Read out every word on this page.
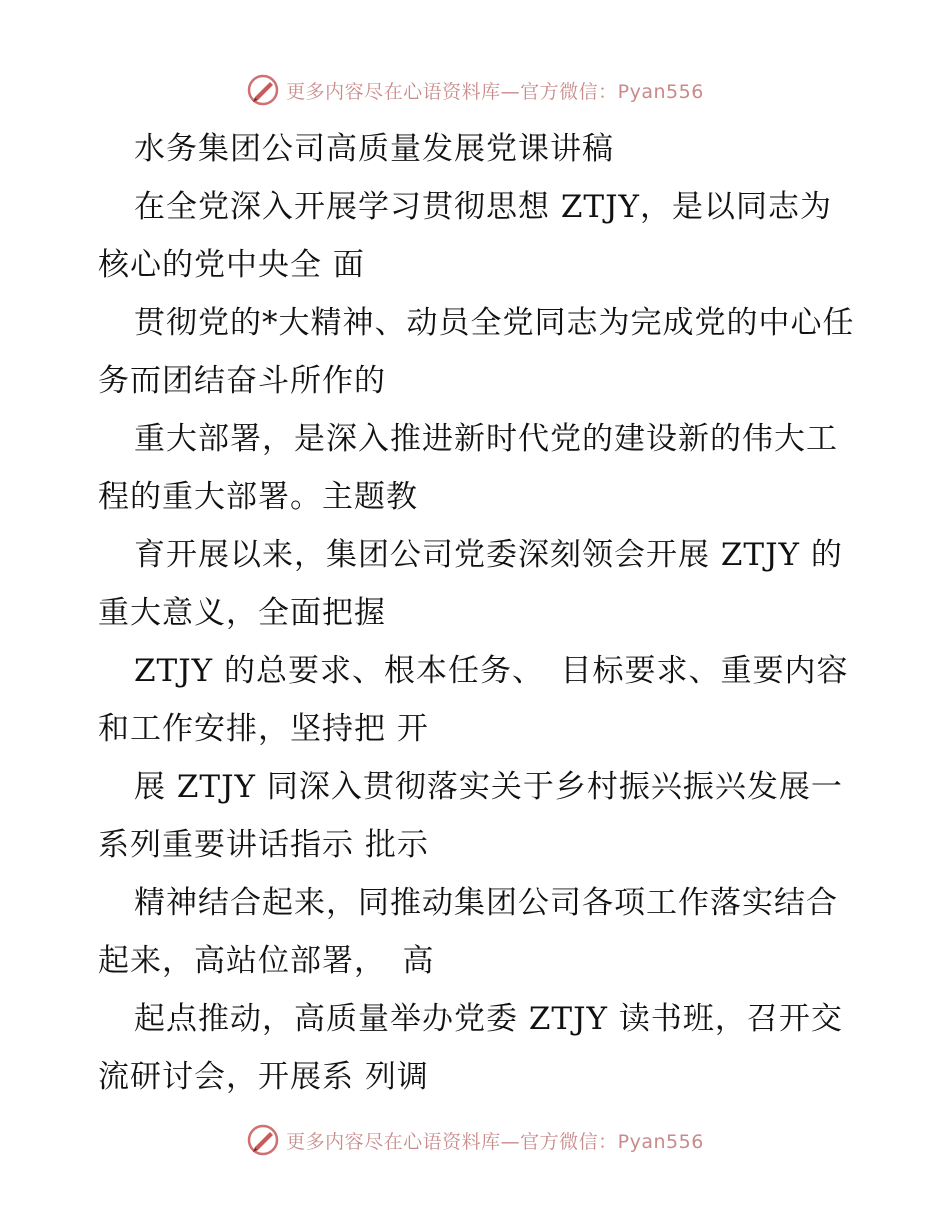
更多内容尽在心语资料库—官方微信：Pyan556

水务集团公司高质量发展党课讲稿

在全党深入开展学习贯彻思想 ZTJY，是以同志为核心的党中央全 面

贯彻党的*大精神、动员全党同志为完成党的中心任务而团结奋斗所作的

重大部署，是深入推进新时代党的建设新的伟大工程的重大部署。主题教

育开展以来，集团公司党委深刻领会开展 ZTJY 的重大意义，全面把握

ZTJY 的总要求、根本任务、　目标要求、重要内容和工作安排，坚持把 开

展 ZTJY 同深入贯彻落实关于乡村振兴振兴发展一系列重要讲话指示 批示

精神结合起来，同推动集团公司各项工作落实结合起来，高站位部署，　高

起点推动，高质量举办党委 ZTJY 读书班，召开交流研讨会，开展系 列调

更多内容尽在心语资料库—官方微信：Pyan556
